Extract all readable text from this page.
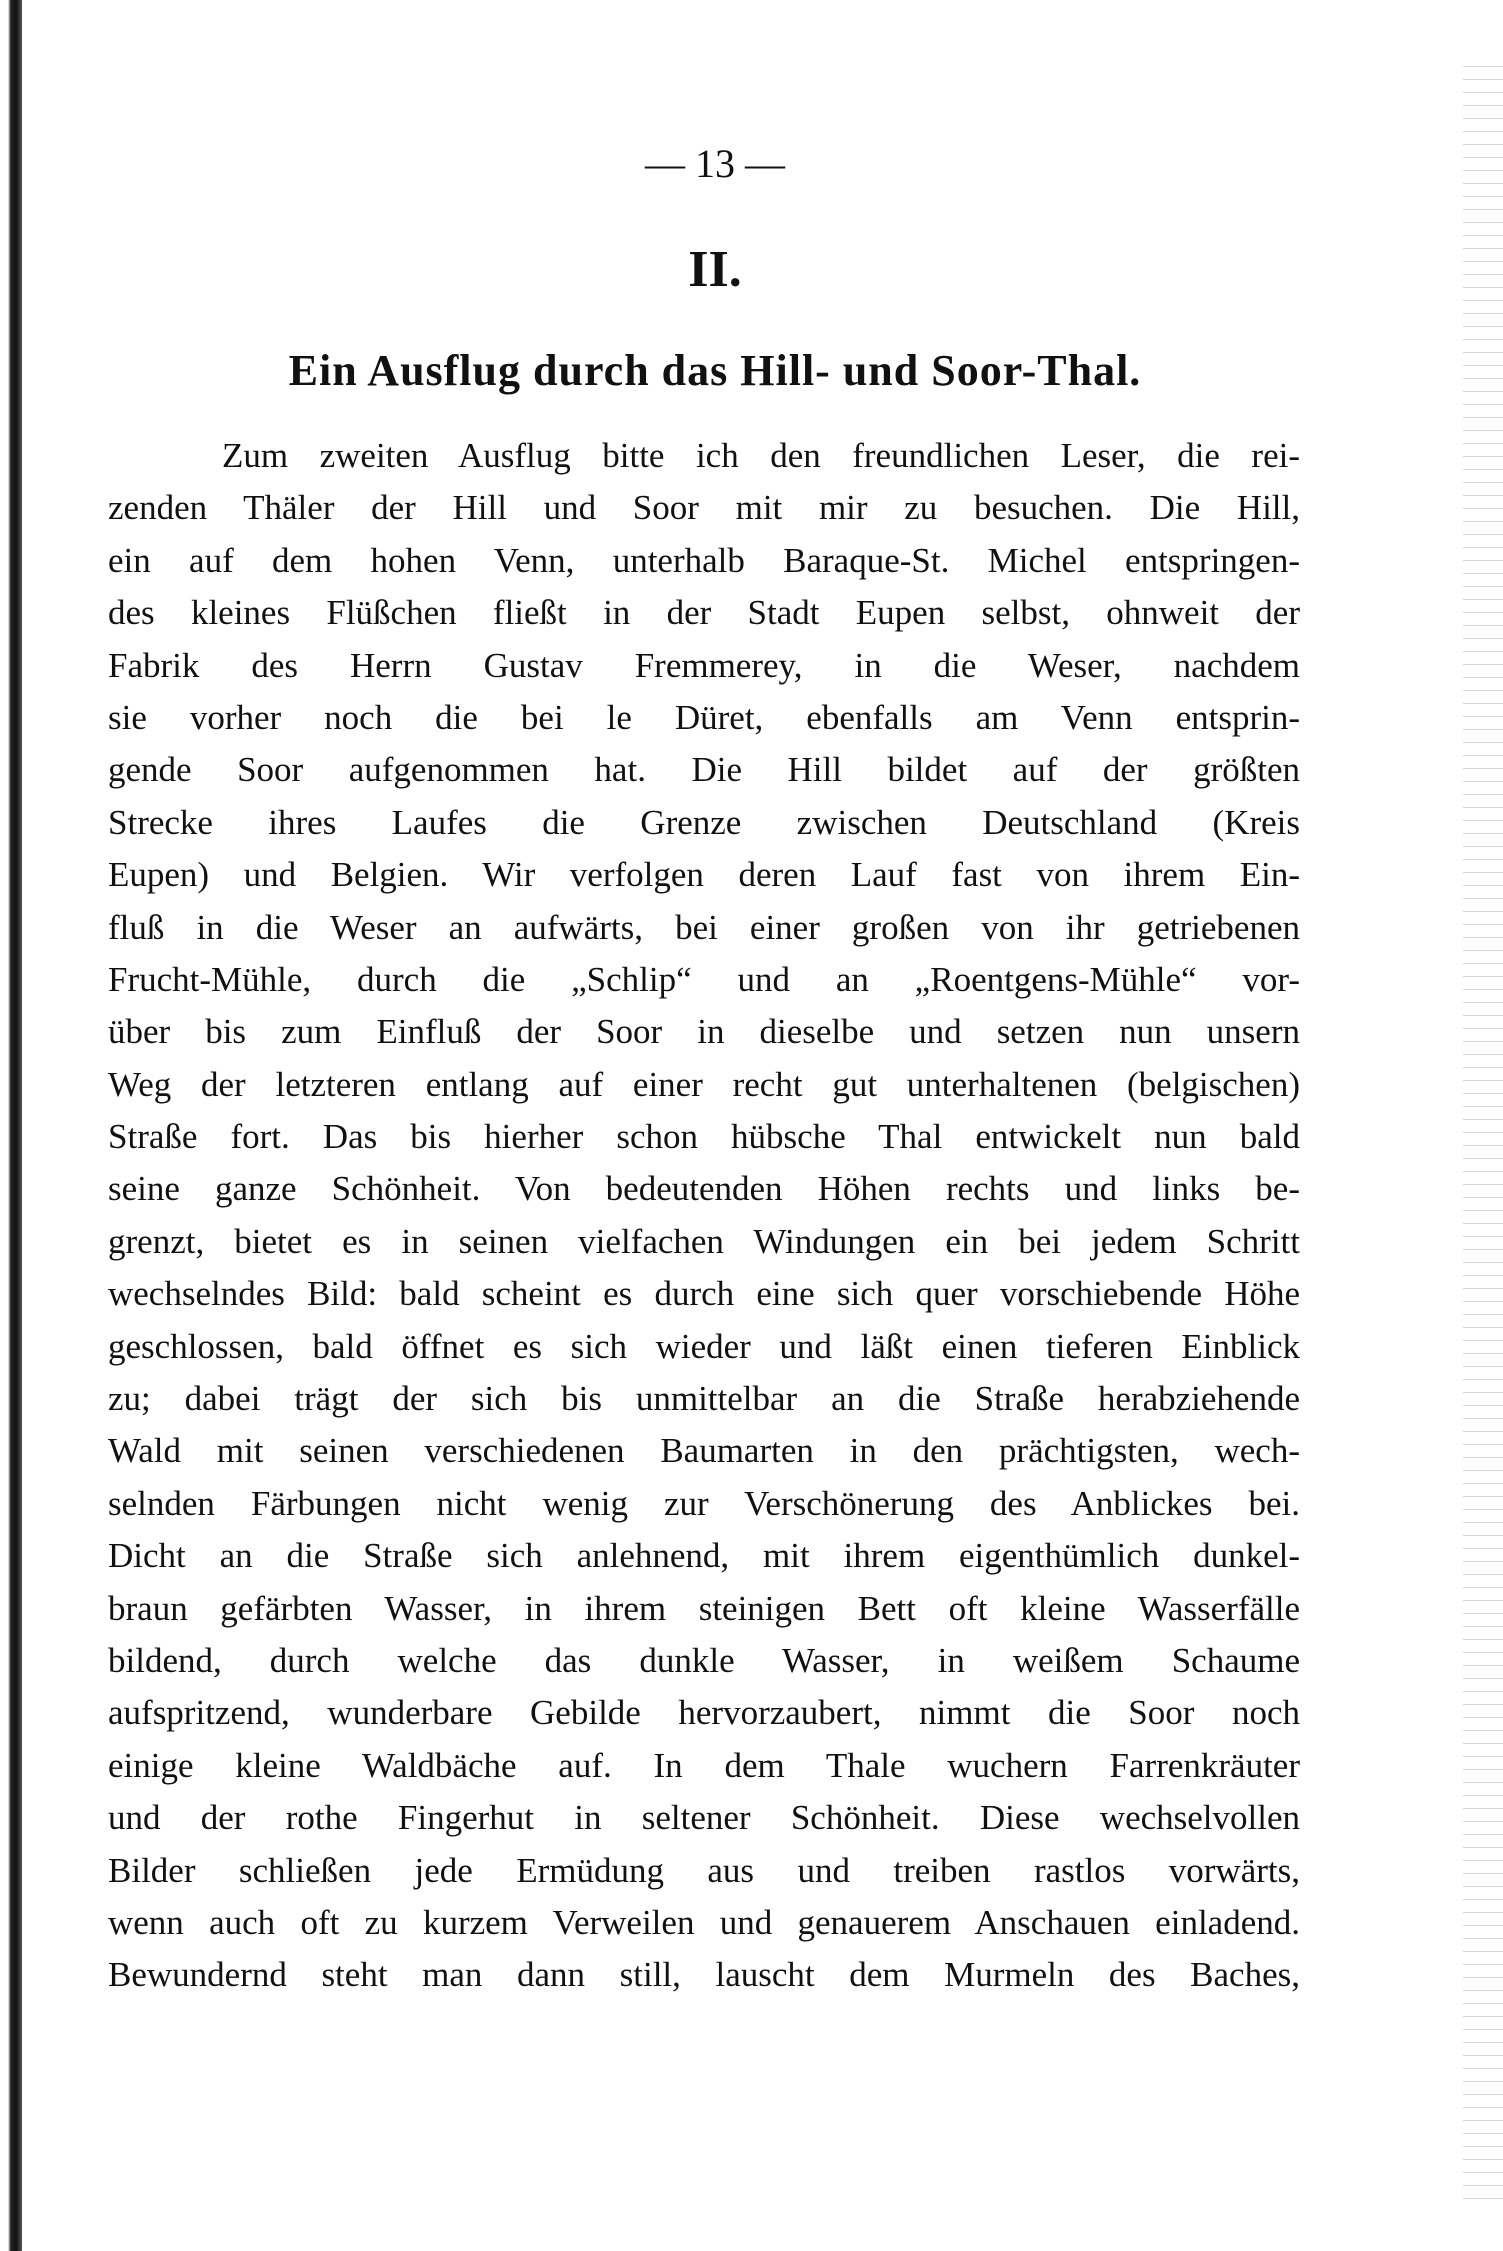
— 13 —
II.
Ein Ausflug durch das Hill- und Soor-Thal.
Zum zweiten Ausflug bitte ich den freundlichen Leser, die rei-
zenden Thäler der Hill und Soor mit mir zu besuchen. Die Hill,
ein auf dem hohen Venn, unterhalb Baraque-St. Michel entspringen-
des kleines Flüßchen fließt in der Stadt Eupen selbst, ohnweit der
Fabrik des Herrn Gustav Fremmerey, in die Weser, nachdem
sie vorher noch die bei le Düret, ebenfalls am Venn entsprin-
gende Soor aufgenommen hat. Die Hill bildet auf der größten
Strecke ihres Laufes die Grenze zwischen Deutschland (Kreis
Eupen) und Belgien. Wir verfolgen deren Lauf fast von ihrem Ein-
fluß in die Weser an aufwärts, bei einer großen von ihr getriebenen
Frucht-Mühle, durch die „Schlip“ und an „Roentgens-Mühle“ vor-
über bis zum Einfluß der Soor in dieselbe und setzen nun unsern
Weg der letzteren entlang auf einer recht gut unterhaltenen (belgischen)
Straße fort. Das bis hierher schon hübsche Thal entwickelt nun bald
seine ganze Schönheit. Von bedeutenden Höhen rechts und links be-
grenzt, bietet es in seinen vielfachen Windungen ein bei jedem Schritt
wechselndes Bild: bald scheint es durch eine sich quer vorschiebende Höhe
geschlossen, bald öffnet es sich wieder und läßt einen tieferen Einblick
zu; dabei trägt der sich bis unmittelbar an die Straße herabziehende
Wald mit seinen verschiedenen Baumarten in den prächtigsten, wech-
selnden Färbungen nicht wenig zur Verschönerung des Anblickes bei.
Dicht an die Straße sich anlehnend, mit ihrem eigenthümlich dunkel-
braun gefärbten Wasser, in ihrem steinigen Bett oft kleine Wasserfälle
bildend, durch welche das dunkle Wasser, in weißem Schaume
aufspritzend, wunderbare Gebilde hervorzaubert, nimmt die Soor noch
einige kleine Waldbäche auf. In dem Thale wuchern Farrenkräuter
und der rothe Fingerhut in seltener Schönheit. Diese wechselvollen
Bilder schließen jede Ermüdung aus und treiben rastlos vorwärts,
wenn auch oft zu kurzem Verweilen und genauerem Anschauen einladend.
Bewundernd steht man dann still, lauscht dem Murmeln des Baches,
